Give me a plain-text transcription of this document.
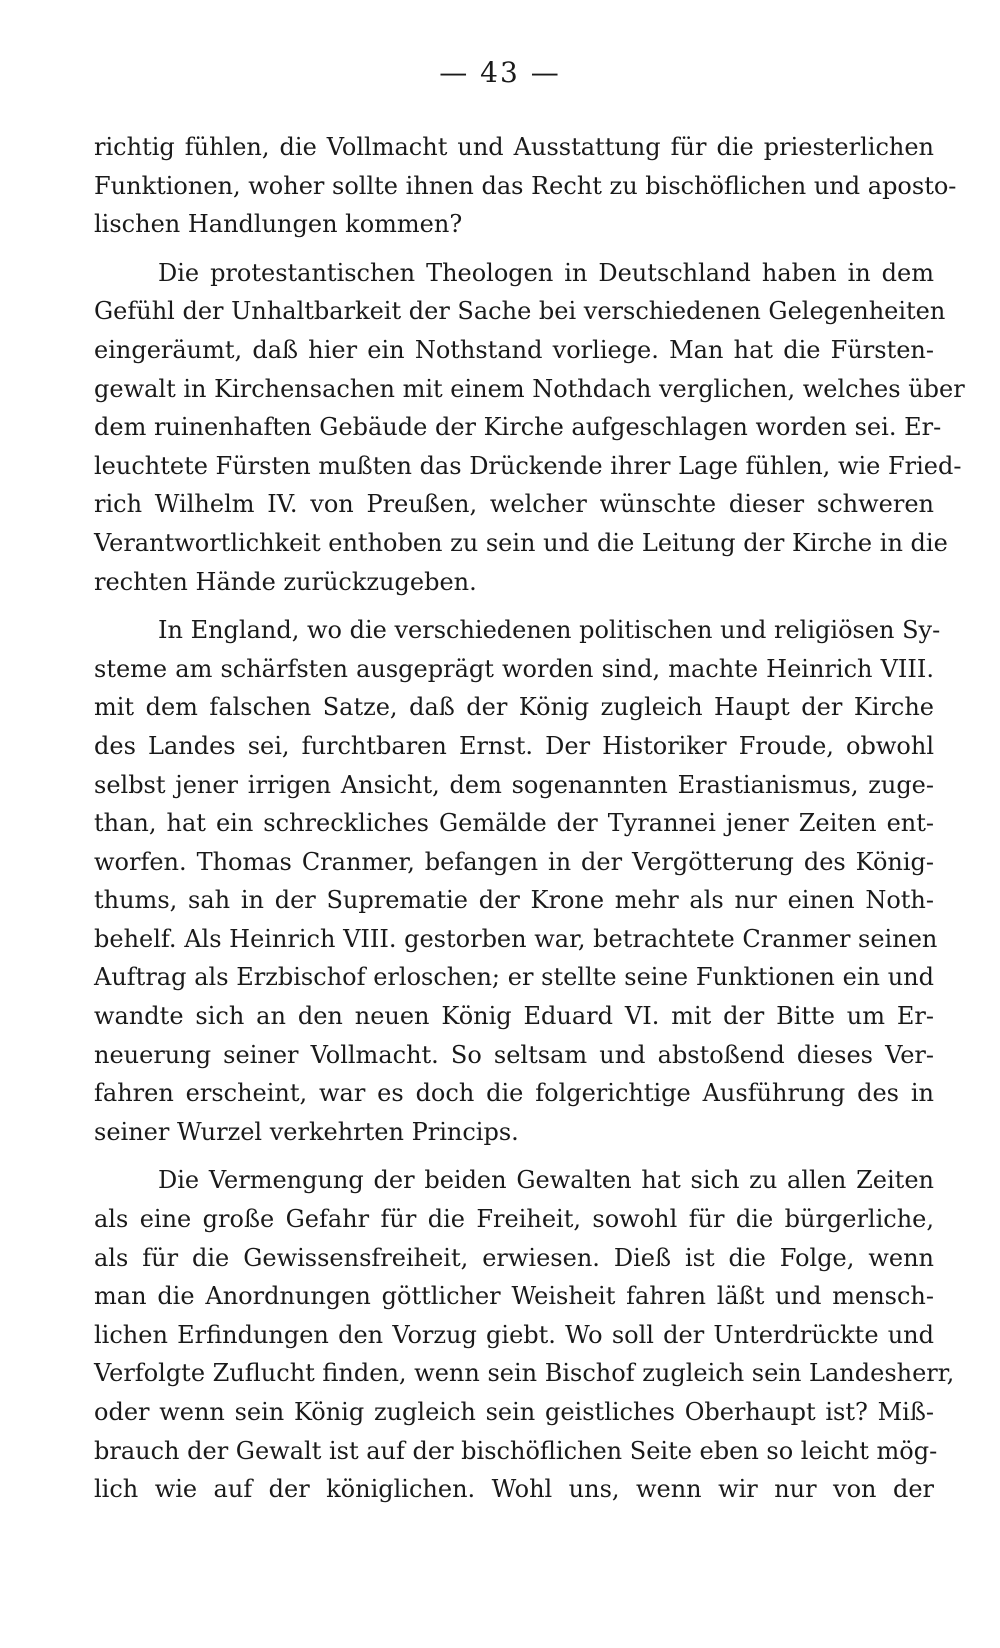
— 43 —
richtig fühlen, die Vollmacht und Ausstattung für die priesterlichen
Funktionen, woher sollte ihnen das Recht zu bischöflichen und aposto-
lischen Handlungen kommen?
Die protestantischen Theologen in Deutschland haben in dem
Gefühl der Unhaltbarkeit der Sache bei verschiedenen Gelegenheiten
eingeräumt, daß hier ein Nothstand vorliege. Man hat die Fürsten-
gewalt in Kirchensachen mit einem Nothdach verglichen, welches über
dem ruinenhaften Gebäude der Kirche aufgeschlagen worden sei. Er-
leuchtete Fürsten mußten das Drückende ihrer Lage fühlen, wie Fried-
rich Wilhelm IV. von Preußen, welcher wünschte dieser schweren
Verantwortlichkeit enthoben zu sein und die Leitung der Kirche in die
rechten Hände zurückzugeben.
In England, wo die verschiedenen politischen und religiösen Sy-
steme am schärfsten ausgeprägt worden sind, machte Heinrich VIII.
mit dem falschen Satze, daß der König zugleich Haupt der Kirche
des Landes sei, furchtbaren Ernst. Der Historiker Froude, obwohl
selbst jener irrigen Ansicht, dem sogenannten Erastianismus, zuge-
than, hat ein schreckliches Gemälde der Tyrannei jener Zeiten ent-
worfen. Thomas Cranmer, befangen in der Vergötterung des König-
thums, sah in der Suprematie der Krone mehr als nur einen Noth-
behelf. Als Heinrich VIII. gestorben war, betrachtete Cranmer seinen
Auftrag als Erzbischof erloschen; er stellte seine Funktionen ein und
wandte sich an den neuen König Eduard VI. mit der Bitte um Er-
neuerung seiner Vollmacht. So seltsam und abstoßend dieses Ver-
fahren erscheint, war es doch die folgerichtige Ausführung des in
seiner Wurzel verkehrten Princips.
Die Vermengung der beiden Gewalten hat sich zu allen Zeiten
als eine große Gefahr für die Freiheit, sowohl für die bürgerliche,
als für die Gewissensfreiheit, erwiesen. Dieß ist die Folge, wenn
man die Anordnungen göttlicher Weisheit fahren läßt und mensch-
lichen Erfindungen den Vorzug giebt. Wo soll der Unterdrückte und
Verfolgte Zuflucht finden, wenn sein Bischof zugleich sein Landesherr,
oder wenn sein König zugleich sein geistliches Oberhaupt ist? Miß-
brauch der Gewalt ist auf der bischöflichen Seite eben so leicht mög-
lich wie auf der königlichen. Wohl uns, wenn wir nur von der
